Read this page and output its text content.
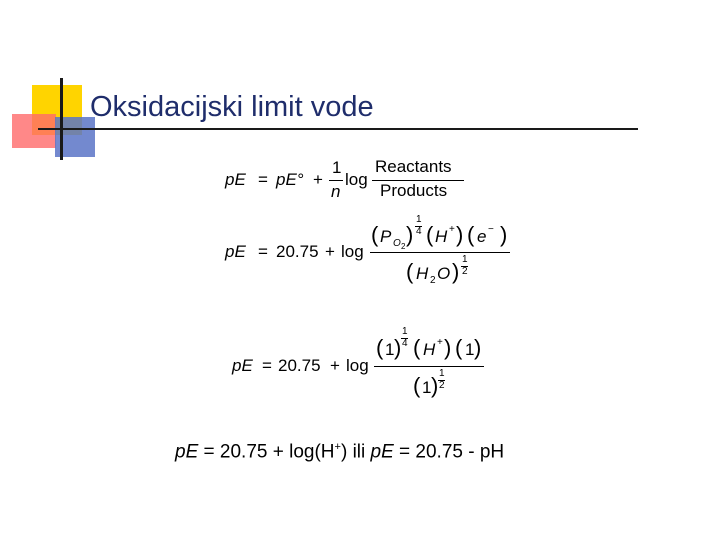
Oksidacijski limit vode
pE = pE° +
1
n
log
Reactants
Products
pE = 20.75 + log
( P O 2 )
1
4 ( H + ) ( e − )
( H 2 O ) 1
2
pE = 20.75 + log
( 1 )
1
4 ( H + ) ( 1 )
( 1 ) 1
2
pE = 20.75 + log(H+) ili pE = 20.75 - pH
